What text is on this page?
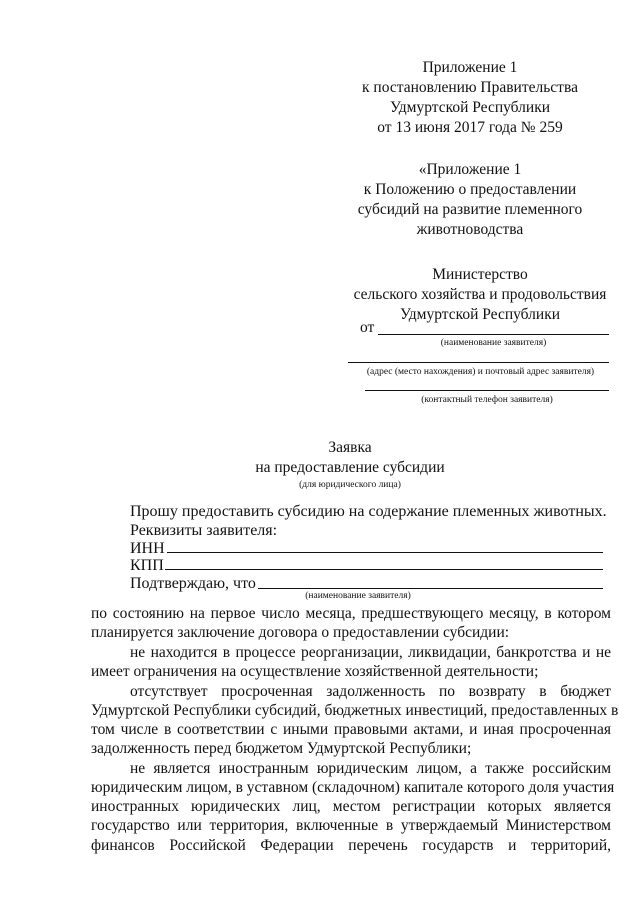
Приложение 1
к постановлению Правительства
Удмуртской Республики
от 13 июня 2017 года № 259
«Приложение 1
к Положению о предоставлении
субсидий на развитие племенного
животноводства
Министерство
сельского хозяйства и продовольствия
Удмуртской Республики
от
(наименование заявителя)
(адрес (место нахождения) и почтовый адрес заявителя)
(контактный телефон заявителя)
Заявка
на предоставление субсидии
(для юридического лица)
Прошу предоставить субсидию на содержание племенных животных.
Реквизиты заявителя:
ИНН
КПП
Подтверждаю, что
(наименование заявителя)
по состоянию на первое число месяца, предшествующего месяцу, в котором
планируется заключение договора о предоставлении субсидии:
не находится в процессе реорганизации, ликвидации, банкротства и не
имеет ограничения на осуществление хозяйственной деятельности;
отсутствует просроченная задолженность по возврату в бюджет
Удмуртской Республики субсидий, бюджетных инвестиций, предоставленных в
том числе в соответствии с иными правовыми актами, и иная просроченная
задолженность перед бюджетом Удмуртской Республики;
не является иностранным юридическим лицом, а также российским
юридическим лицом, в уставном (складочном) капитале которого доля участия
иностранных юридических лиц, местом регистрации которых является
государство или территория, включенные в утверждаемый Министерством
финансов Российской Федерации перечень государств и территорий,
